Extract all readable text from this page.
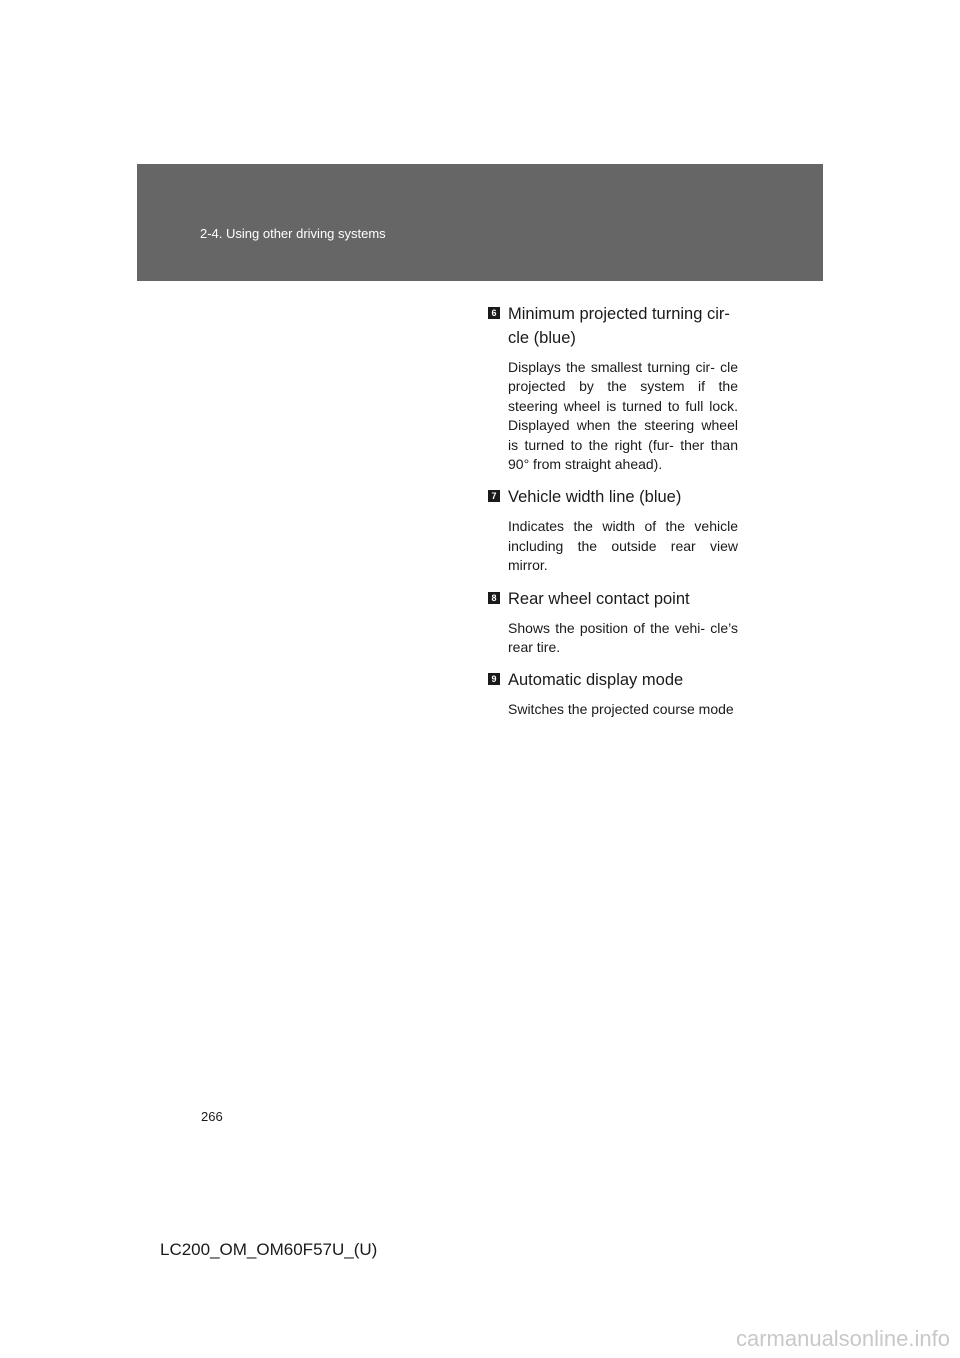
2-4. Using other driving systems
6 Minimum projected turning cir-
cle (blue)

Displays the smallest turning cir- cle projected by the system if the steering wheel is turned to full lock. Displayed when the steering wheel is turned to the right (fur- ther than 90° from straight ahead).

7 Vehicle width line (blue)

Indicates the width of the vehicle including the outside rear view mirror.

8 Rear wheel contact point

Shows the position of the vehi- cle’s rear tire.

9 Automatic display mode

Switches the projected course mode

266
LC200_OM_OM60F57U_(U)
carmanualsonline.info
